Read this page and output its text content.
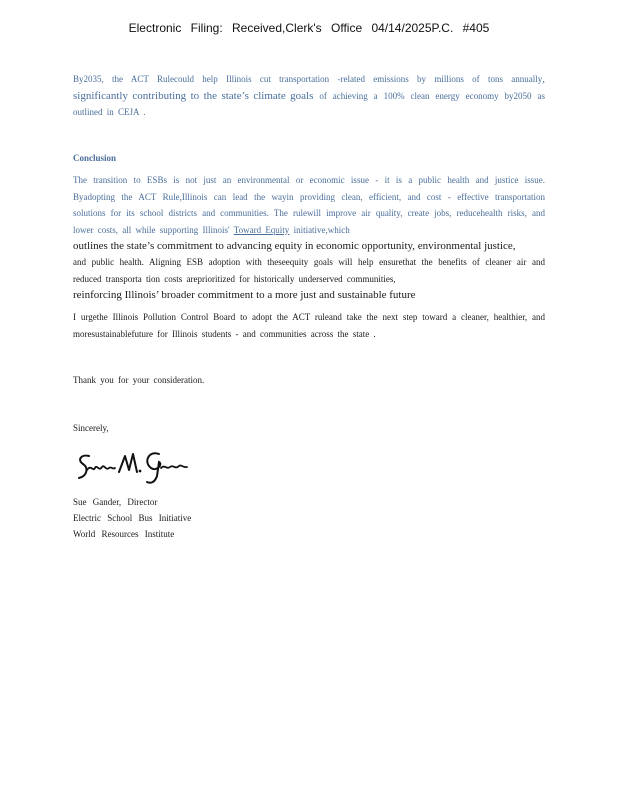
Electronic Filing: Received,Clerk's Office 04/14/2025P.C. #405
By2035, the ACT Rulecould help Illinois cut transportation -related emissions by millions of tons annually, significantly contributing to the state’s climate goals of achieving a 100% clean energy economy by2050 as outlined in CEJA .
Conclusion
The transition to ESBs is not just an environmental or economic issue - it is a public health and justice issue. Byadopting the ACT Rule,Illinois can lead the wayin providing clean, efficient, and cost - effective transportation solutions for its school districts and communities. The rulewill improve air quality, create jobs, reducehealth risks, and lower costs, all while supporting Illinois' Toward Equity initiative,which
outlines the state’s commitment to advancing equity in economic opportunity, environmental justice,
and public health. Aligning ESB adoption with theseequity goals will help ensurethat the benefits of cleaner air and reduced transporta tion costs areprioritized for historically underserved communities,
reinforcing Illinois’ broader commitment to a more just and sustainable future
I urgethe Illinois Pollution Control Board to adopt the ACT ruleand take the next step toward a cleaner, healthier, and moresustainablefuture for Illinois students - and communities across the state .
Thank you for your consideration.
Sincerely,
Sue Gander, Director
Electric School Bus Initiative
World Resources Institute
